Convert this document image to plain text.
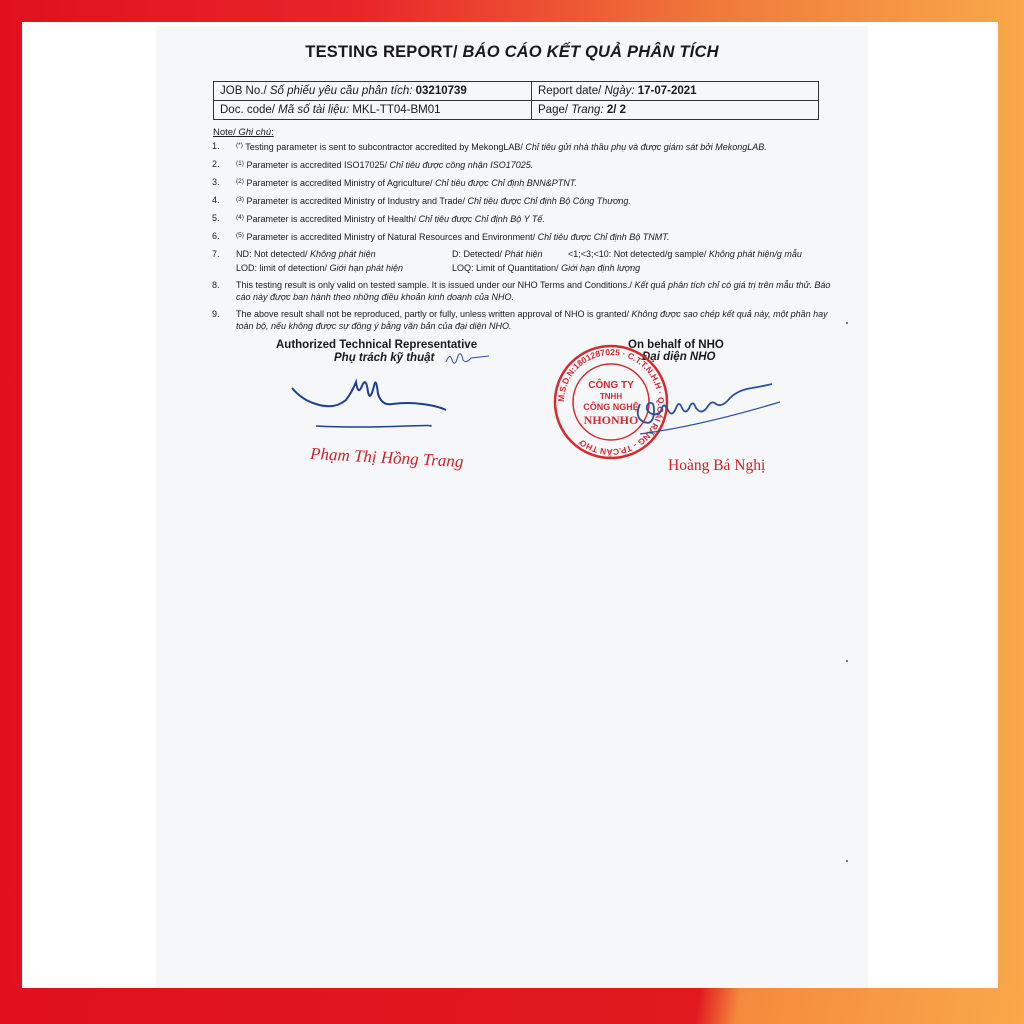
TESTING REPORT/ BÁO CÁO KẾT QUẢ PHÂN TÍCH
JOB No./ Số phiếu yêu cầu phân tích: 03210739	Report date/ Ngày: 17-07-2021
Doc. code/ Mã số tài liệu: MKL-TT04-BM01	Page/ Trang: 2/ 2
Note/ Ghi chú:
1.	(*) Testing parameter is sent to subcontractor accredited by MekongLAB/ Chỉ tiêu gửi nhà thầu phụ và được giám sát bởi MekongLAB.
2.	$^{(1)}$ Parameter is accredited ISO17025/ Chỉ tiêu được công nhận ISO17025.
3.	$^{(2)}$ Parameter is accredited Ministry of Agriculture/ Chỉ tiêu được Chỉ định BNN&PTNT.
4.	$^{(3)}$ Parameter is accredited Ministry of Industry and Trade/ Chỉ tiêu được Chỉ định Bộ Công Thương.
5.	$^{(4)}$ Parameter is accredited Ministry of Health/ Chỉ tiêu được Chỉ định Bộ Y Tế.
6.	$^{(5)}$ Parameter is accredited Ministry of Natural Resources and Environment/ Chỉ tiêu được Chỉ định Bộ TNMT.
7. ND: Not detected/ Không phát hiện	D: Detected/ Phát hiện	<1;<3;<10: Not detected/g sample/ Không phát hiện/g mẫu
LOD: limit of detection/ Giới hạn phát hiện	LOQ: Limit of Quantitation/ Giới hạn định lượng
8. This testing result is only valid on tested sample. It is issued under our NHO Terms and Conditions./ Kết quả phân tích chỉ có giá trị trên mẫu thử. Báo cáo này được ban hành theo những điều khoản kinh doanh của NHO.
9. The above result shall not be reproduced, partly or fully, unless written approval of NHO is granted/ Không được sao chép kết quả này, một phần hay toàn bộ, nếu không được sự đồng ý bằng văn bản của đại diện NHO.
Authorized Technical Representative
Phụ trách kỹ thuật
On behalf of NHO
Đại diện NHO
M.S.D.N:1801287025 · C.T.T.N.H.H · Q.CÁI RĂNG - TP.CẦN THƠ
CÔNG TY
TNHH
CÔNG NGHỆ
NHONHO
Phạm Thị Hồng Trang	Hoàng Bá Nghị
